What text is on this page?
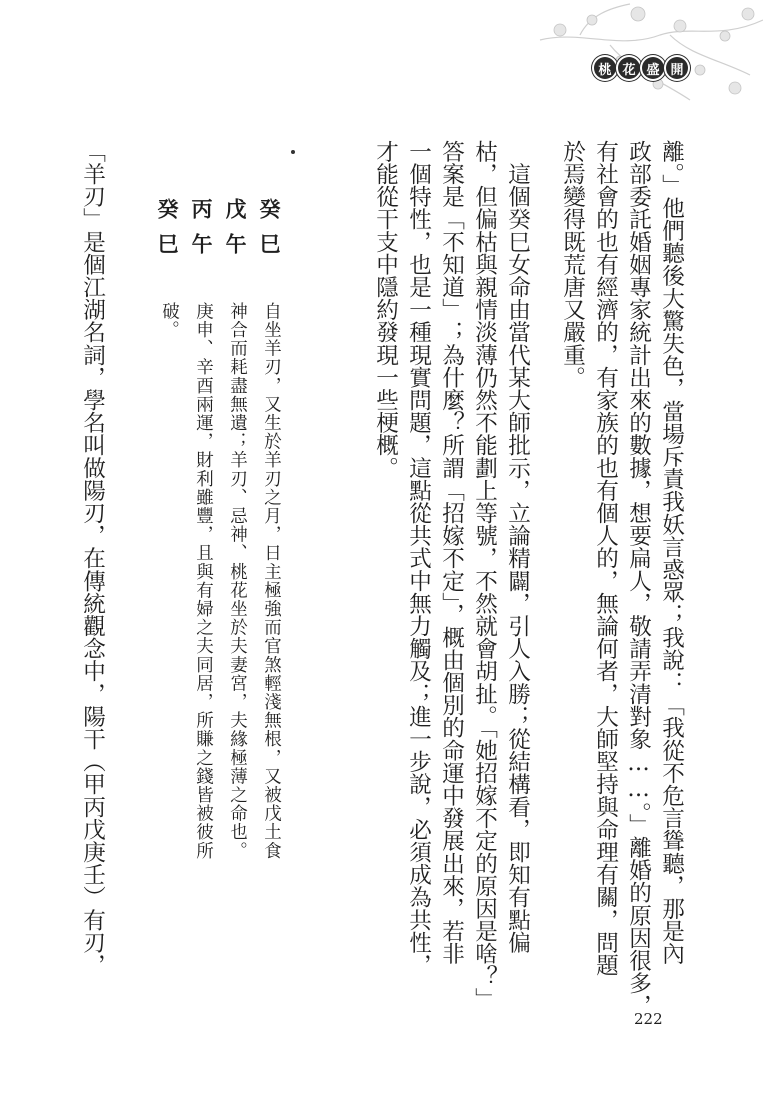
桃 花 盛 開
離。」他們聽後大驚失色，當場斥責我妖言惑眾；我說：「我從不危言聳聽，那是內
政部委託婚姻專家統計出來的數據，想要扁人，敬請弄清對象……。」離婚的原因很多，
有社會的也有經濟的，有家族的也有個人的，無論何者，大師堅持與命理有關，問題
於焉變得既荒唐又嚴重。
　這個癸巳女命由當代某大師批示，立論精闢，引人入勝；從結構看，即知有點偏
枯，但偏枯與親情淡薄仍然不能劃上等號，不然就會胡扯。「她招嫁不定的原因是啥？」
答案是「不知道」；為什麼？所謂「招嫁不定」，概由個別的命運中發展出來，若非
一個特性，也是一種現實問題，這點從共式中無力觸及；進一步說，必須成為共性，
才能從干支中隱約發現一些梗概。
癸巳
戊午
丙午
癸巳
自坐羊刃，又生於羊刃之月，日主極強而官煞輕淺無根，又被戊土食
神合而耗盡無遺；羊刃、忌神、桃花坐於夫妻宮，夫緣極薄之命也。
庚申、辛酉兩運，財利雖豐，且與有婦之夫同居，所賺之錢皆被彼所
破。
「羊刃」是個江湖名詞，學名叫做陽刃，在傳統觀念中，陽干（甲丙戊庚壬）有刃，
222
